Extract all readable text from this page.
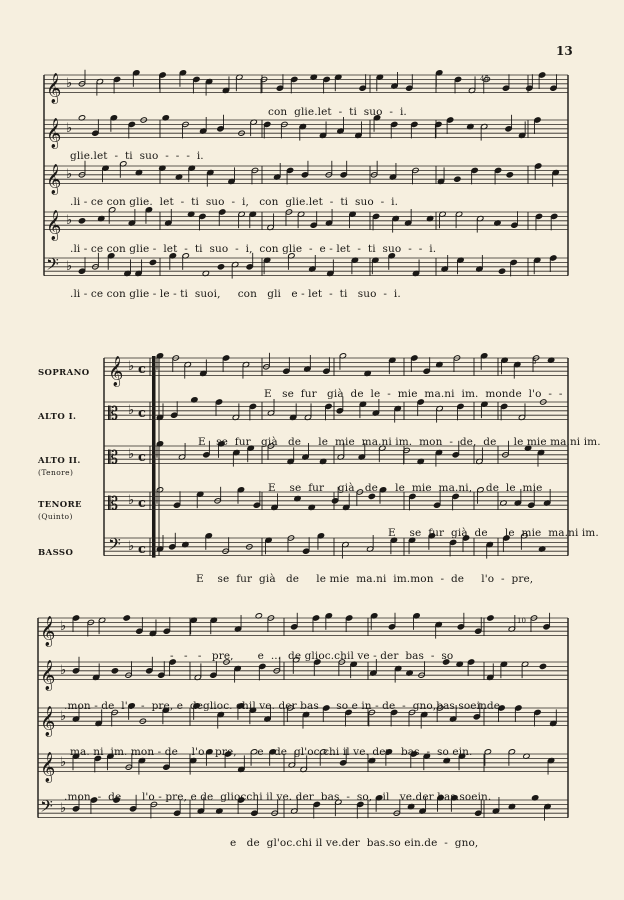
13
𝄞 ♭
𝄞 ♭
𝄞 ♭
𝄞 ♭
𝄢 ♭
𝄞 ♭ c
𝄡 ♭ c
𝄡 ♭ c
𝄡 ♭ c
𝄢 ♭ c
𝄞 ♭
𝄞 ♭
𝄞 ♭
𝄞 ♭
𝄢 ♭
45
con  glie.let  -  ti  suo  -  i.
glie.let  -  ti  suo  -  -  -  i.
.li - ce con glie.  let  -  ti  suo  -  i,   con  glie.let  -  ti  suo  -  i.
.li - ce con glie -  let  -  ti  suo  -  i,  con glie  -  e - let  -  ti  suo  -  -  i.
.li - ce con glie - le - ti  suoi,     con   gli   e - let  -  ti   suo  -  i.
SOPRANO
ALTO I.
ALTO II.
(Tenore)
TENORE
(Quinto)
BASSO
5
E   se  fur   già  de  le  -  mie  ma.ni  im.  monde  l'o  -  -
E   se  fur   già   de     le  mie  ma.ni im.  mon  -  de,  de     le mie ma.ni im.
E    se  fur    già   de     le  mie  ma.ni,    de  le  mie
E    se  fur  già  de     le  mie  ma.ni im.
E    se  fur  già   de     le mie  ma.ni  im.mon  -  de     l'o  -  pre,
10
-   -   -   pre,       e  ...  de glioc.chil ve - der  bas  -  so
.mon - de  l'o  -  pre, e  deglioc. chil ve. der bas  -  so e in - de  -  gno,bas.soeinde.
ma. ni  im. mon - de    l'o - pre,      e   de  gl'oc.chi il ve. der   bas  -  so ein.
.mon  -  de      l'o - pre, e de  gliocchi il ve. der  bas  -  so,   il   ve.der bas.soein.
e   de  gl'oc.chi il ve.der  bas.so ein.de  -  gno,
